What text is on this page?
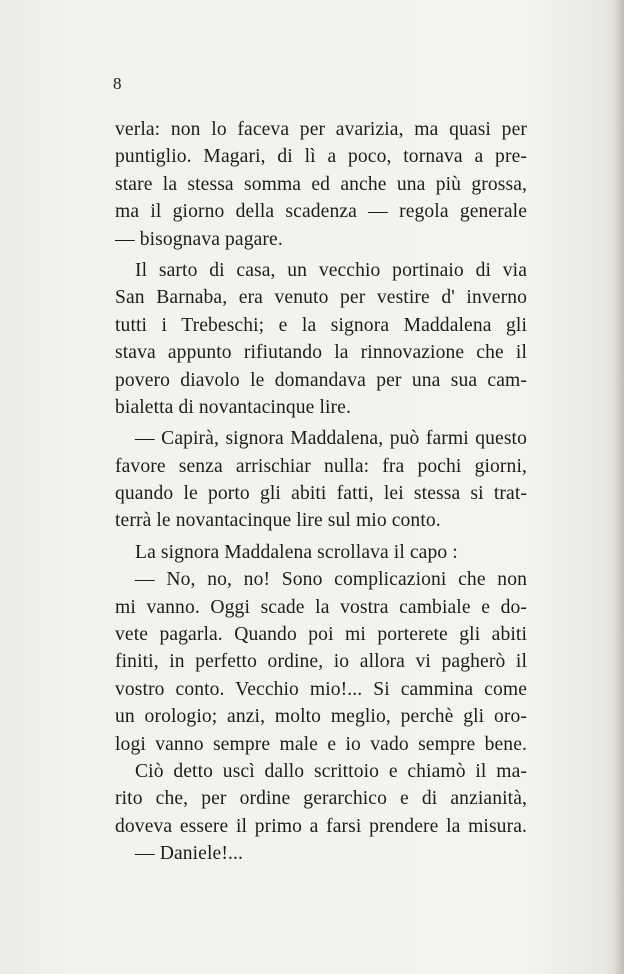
8
verla: non lo faceva per avarizia, ma quasi per
puntiglio. Magari, di lì a poco, tornava a pre-
stare la stessa somma ed anche una più grossa,
ma il giorno della scadenza — regola generale
— bisognava pagare.
Il sarto di casa, un vecchio portinaio di via
San Barnaba, era venuto per vestire d' inverno
tutti i Trebeschi; e la signora Maddalena gli
stava appunto rifiutando la rinnovazione che il
povero diavolo le domandava per una sua cam-
bialetta di novantacinque lire.
— Capirà, signora Maddalena, può farmi questo
favore senza arrischiar nulla: fra pochi giorni,
quando le porto gli abiti fatti, lei stessa si trat-
terrà le novantacinque lire sul mio conto.
La signora Maddalena scrollava il capo :
— No, no, no! Sono complicazioni che non
mi vanno. Oggi scade la vostra cambiale e do-
vete pagarla. Quando poi mi porterete gli abiti
finiti, in perfetto ordine, io allora vi pagherò il
vostro conto. Vecchio mio!... Si cammina come
un orologio; anzi, molto meglio, perchè gli oro-
logi vanno sempre male e io vado sempre bene.
Ciò detto uscì dallo scrittoio e chiamò il ma-
rito che, per ordine gerarchico e di anzianità,
doveva essere il primo a farsi prendere la misura.
— Daniele!...
